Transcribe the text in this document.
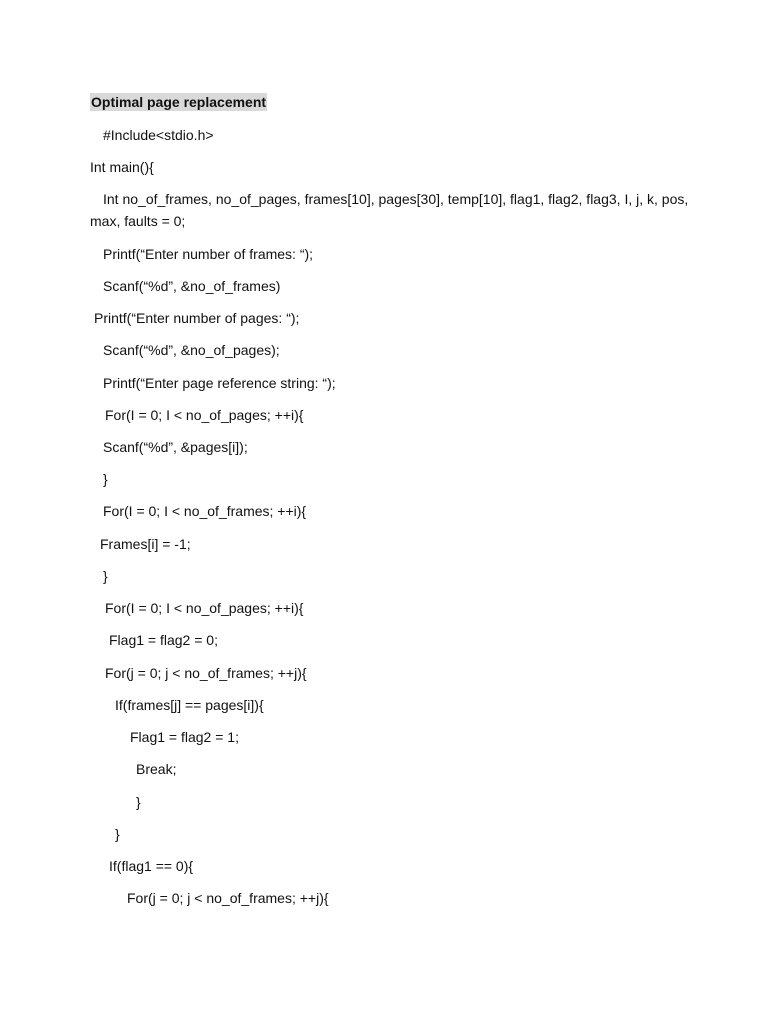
Optimal page replacement
#Include<stdio.h>
Int main(){
Int no_of_frames, no_of_pages, frames[10], pages[30], temp[10], flag1, flag2, flag3, I, j, k, pos, max, faults = 0;
Printf(“Enter number of frames: “);
Scanf(“%d”, &no_of_frames)
Printf(“Enter number of pages: “);
Scanf(“%d”, &no_of_pages);
Printf(“Enter page reference string: “);
For(I = 0; I < no_of_pages; ++i){
Scanf(“%d”, &pages[i]);
}
For(I = 0; I < no_of_frames; ++i){
Frames[i] = -1;
}
For(I = 0; I < no_of_pages; ++i){
Flag1 = flag2 = 0;
For(j = 0; j < no_of_frames; ++j){
If(frames[j] == pages[i]){
Flag1 = flag2 = 1;
Break;
}
}
If(flag1 == 0){
For(j = 0; j < no_of_frames; ++j){
